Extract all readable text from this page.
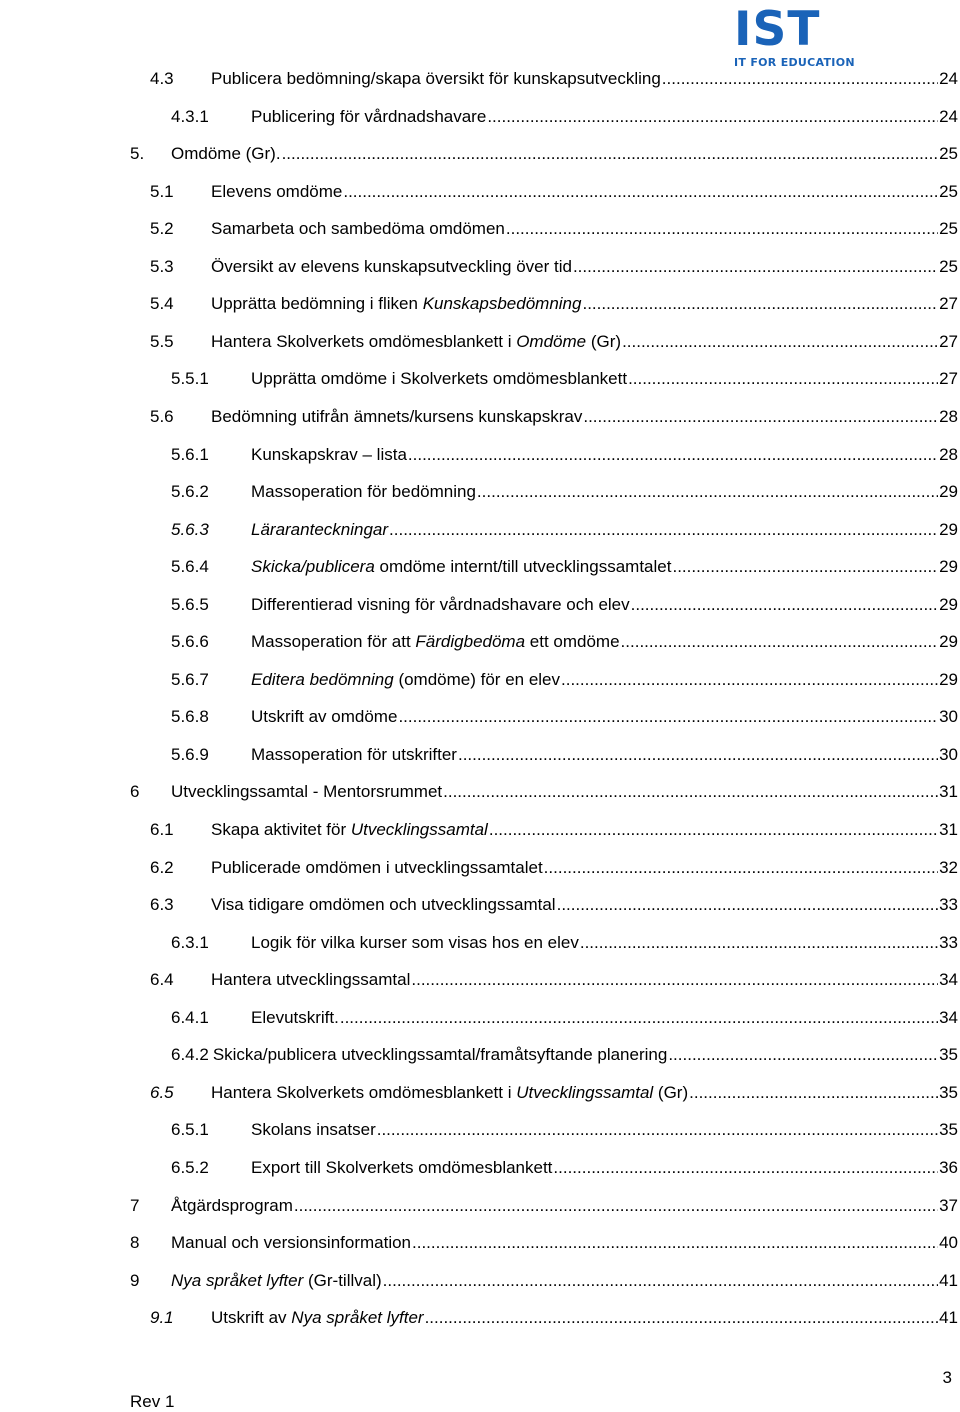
IST
IT FOR EDUCATION
4.3	Publicera bedömning/skapa översikt för kunskapsutveckling .....	24
4.3.1	Publicering för vårdnadshavare .....	24
5.	Omdöme (Gr). .....	25
5.1	Elevens omdöme .....	25
5.2	Samarbeta och sambedöma omdömen .....	25
5.3	Översikt av elevens kunskapsutveckling över tid .....	25
5.4	Upprätta bedömning i fliken Kunskapsbedömning .....	27
5.5	Hantera Skolverkets omdömesblankett i Omdöme (Gr) .....	27
5.5.1	Upprätta omdöme i Skolverkets omdömesblankett .....	27
5.6	Bedömning utifrån ämnets/kursens kunskapskrav .....	28
5.6.1	Kunskapskrav – lista .....	28
5.6.2	Massoperation för bedömning .....	29
5.6.3	Läraranteckningar .....	29
5.6.4	Skicka/publicera omdöme internt/till utvecklingssamtalet .....	29
5.6.5	Differentierad visning för vårdnadshavare och elev .....	29
5.6.6	Massoperation för att Färdigbedöma ett omdöme .....	29
5.6.7	Editera bedömning (omdöme) för en elev .....	29
5.6.8	Utskrift av omdöme .....	30
5.6.9	Massoperation för utskrifter .....	30
6	Utvecklingssamtal - Mentorsrummet .....	31
6.1	Skapa aktivitet för Utvecklingssamtal .....	31
6.2	Publicerade omdömen i utvecklingssamtalet .....	32
6.3	Visa tidigare omdömen och utvecklingssamtal .....	33
6.3.1	Logik för vilka kurser som visas hos en elev .....	33
6.4	Hantera utvecklingssamtal .....	34
6.4.1	Elevutskrift. .....	34
6.4.2 Skicka/publicera utvecklingssamtal/framåtsyftande planering .....	35
6.5	Hantera Skolverkets omdömesblankett i Utvecklingssamtal (Gr) .....	35
6.5.1	Skolans insatser .....	35
6.5.2	Export till Skolverkets omdömesblankett .....	36
7	Åtgärdsprogram .....	37
8	Manual och versionsinformation .....	40
9	Nya språket lyfter (Gr-tillval) .....	41
9.1	Utskrift av Nya språket lyfter .....	41
Rev 1
3
